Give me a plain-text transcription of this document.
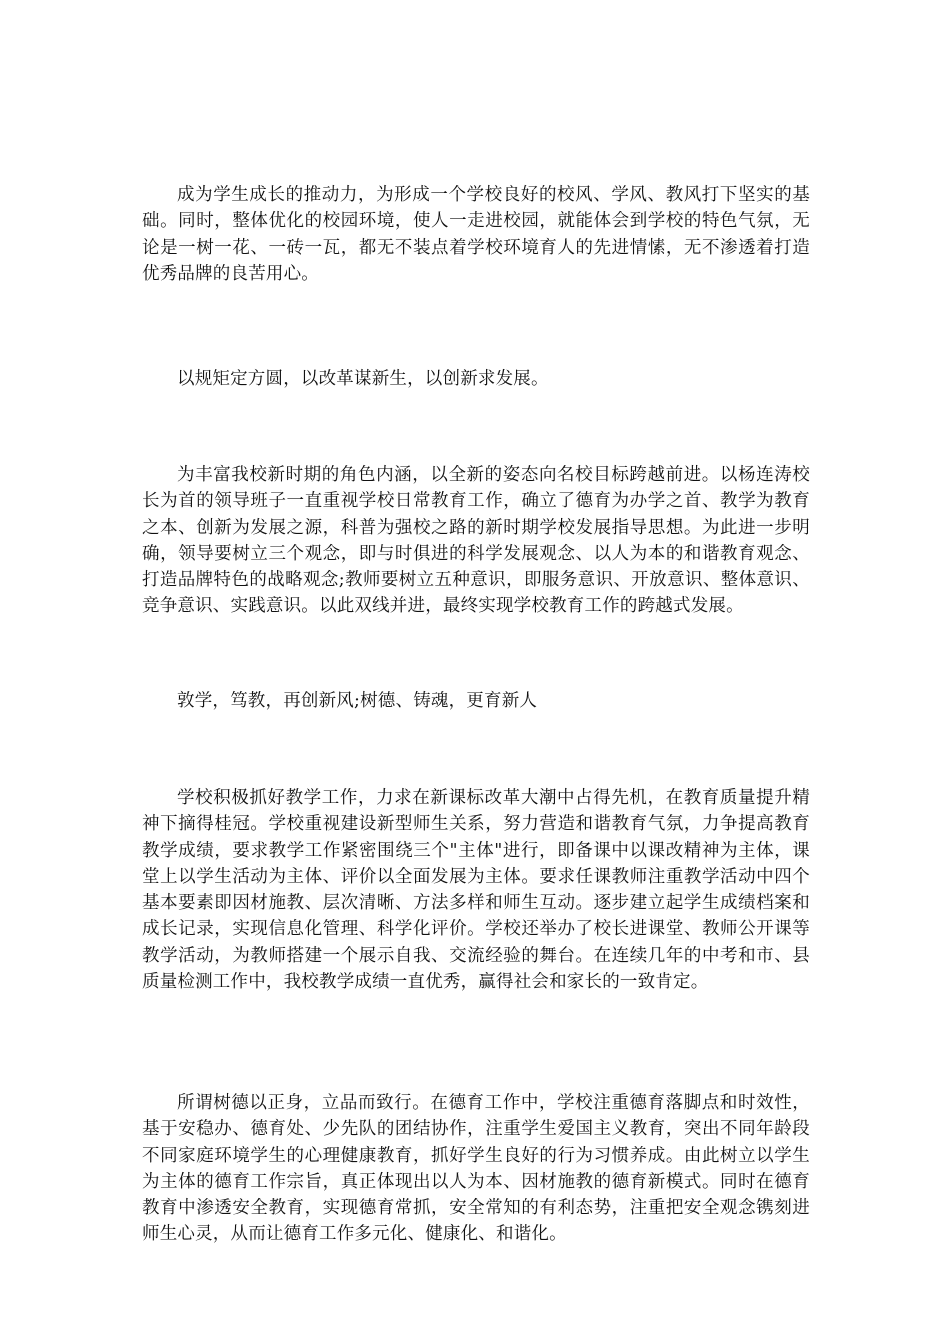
成为学生成长的推动力，为形成一个学校良好的校风、学风、教风打下坚实的基础。同时，整体优化的校园环境，使人一走进校园，就能体会到学校的特色气氛，无论是一树一花、一砖一瓦，都无不装点着学校环境育人的先进情愫，无不渗透着打造优秀品牌的良苦用心。

以规矩定方圆，以改革谋新生，以创新求发展。

为丰富我校新时期的角色内涵，以全新的姿态向名校目标跨越前进。以杨连涛校长为首的领导班子一直重视学校日常教育工作，确立了德育为办学之首、教学为教育之本、创新为发展之源，科普为强校之路的新时期学校发展指导思想。为此进一步明确，领导要树立三个观念，即与时俱进的科学发展观念、以人为本的和谐教育观念、打造品牌特色的战略观念;教师要树立五种意识，即服务意识、开放意识、整体意识、竞争意识、实践意识。以此双线并进，最终实现学校教育工作的跨越式发展。

敦学，笃教，再创新风;树德、铸魂，更育新人

学校积极抓好教学工作，力求在新课标改革大潮中占得先机，在教育质量提升精神下摘得桂冠。学校重视建设新型师生关系，努力营造和谐教育气氛，力争提高教育教学成绩，要求教学工作紧密围绕三个"主体"进行，即备课中以课改精神为主体，课堂上以学生活动为主体、评价以全面发展为主体。要求任课教师注重教学活动中四个基本要素即因材施教、层次清晰、方法多样和师生互动。逐步建立起学生成绩档案和成长记录，实现信息化管理、科学化评价。学校还举办了校长进课堂、教师公开课等教学活动，为教师搭建一个展示自我、交流经验的舞台。在连续几年的中考和市、县质量检测工作中，我校教学成绩一直优秀，赢得社会和家长的一致肯定。

所谓树德以正身，立品而致行。在德育工作中，学校注重德育落脚点和时效性，基于安稳办、德育处、少先队的团结协作，注重学生爱国主义教育，突出不同年龄段不同家庭环境学生的心理健康教育，抓好学生良好的行为习惯养成。由此树立以学生为主体的德育工作宗旨，真正体现出以人为本、因材施教的德育新模式。同时在德育教育中渗透安全教育，实现德育常抓，安全常知的有利态势，注重把安全观念镌刻进师生心灵，从而让德育工作多元化、健康化、和谐化。
